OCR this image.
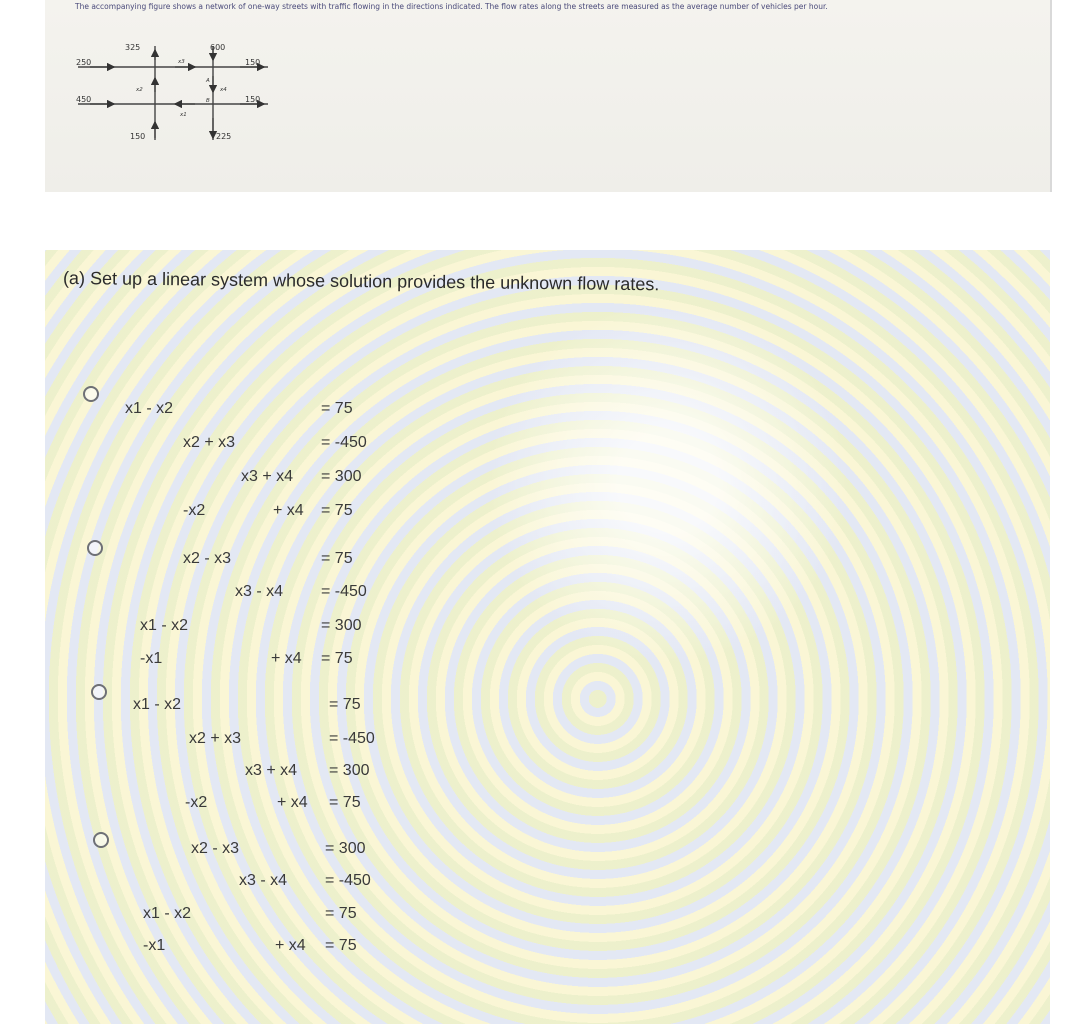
The accompanying figure shows a network of one-way streets with traffic flowing in the directions indicated. The flow rates along the streets are measured as the average number of vehicles per hour.
325	600
250	150
450	150
150	225
x3
x2	x4
x1
A
B
(a) Set up a linear system whose solution provides the unknown flow rates.
x1 - x2	= 75
x2 + x3	= -450
x3 + x4 = 300
-x2	+ x4 = 75
x2 - x3	= 75
x3 - x4 = -450
x1 - x2	= 300
-x1	+ x4 = 75
x1 - x2	= 75
x2 + x3	= -450
x3 + x4 = 300
-x2	+ x4 = 75
x2 - x3	= 300
x3 - x4 = -450
x1 - x2	= 75
-x1	+ x4 = 75
